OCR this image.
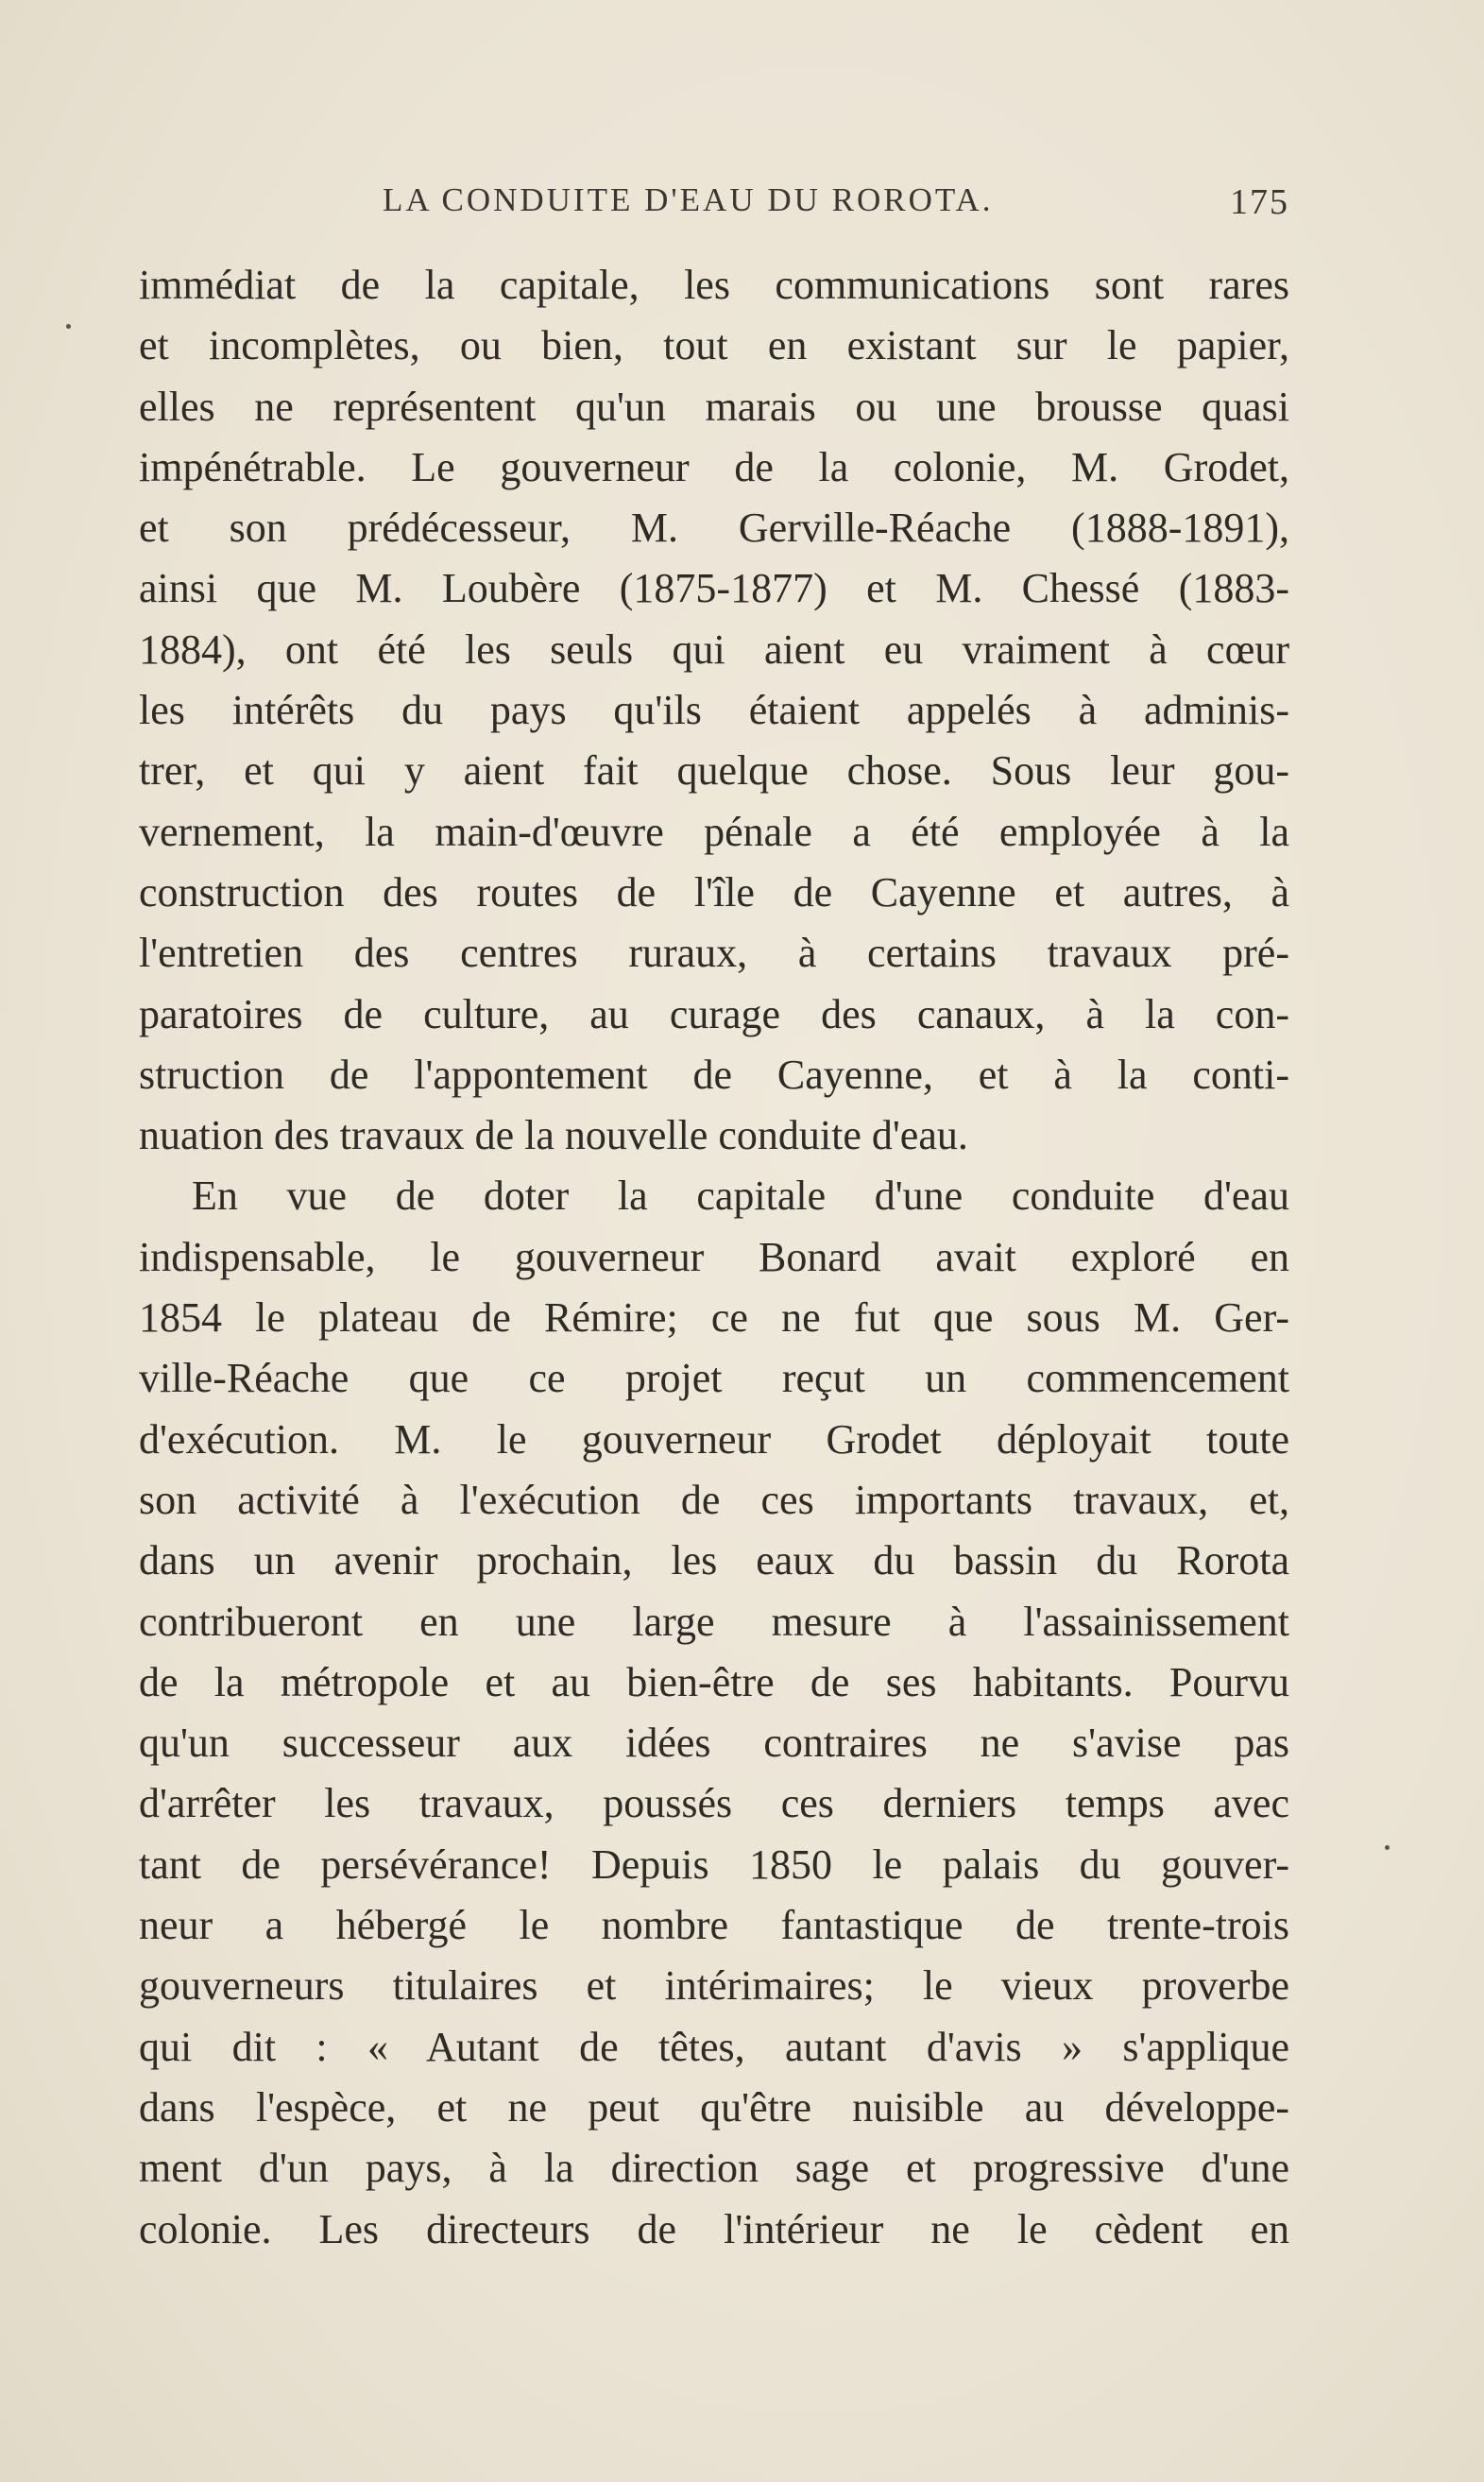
LA CONDUITE D'EAU DU ROROTA.	175
immédiat de la capitale, les communications sont rares
et incomplètes, ou bien, tout en existant sur le papier,
elles ne représentent qu'un marais ou une brousse quasi
impénétrable. Le gouverneur de la colonie, M. Grodet,
et son prédécesseur, M. Gerville-Réache (1888-1891),
ainsi que M. Loubère (1875-1877) et M. Chessé (1883-
1884), ont été les seuls qui aient eu vraiment à cœur
les intérêts du pays qu'ils étaient appelés à adminis-
trer, et qui y aient fait quelque chose. Sous leur gou-
vernement, la main-d'œuvre pénale a été employée à la
construction des routes de l'île de Cayenne et autres, à
l'entretien des centres ruraux, à certains travaux pré-
paratoires de culture, au curage des canaux, à la con-
struction de l'appontement de Cayenne, et à la conti-
nuation des travaux de la nouvelle conduite d'eau.
En vue de doter la capitale d'une conduite d'eau
indispensable, le gouverneur Bonard avait exploré en
1854 le plateau de Rémire; ce ne fut que sous M. Ger-
ville-Réache que ce projet reçut un commencement
d'exécution. M. le gouverneur Grodet déployait toute
son activité à l'exécution de ces importants travaux, et,
dans un avenir prochain, les eaux du bassin du Rorota
contribueront en une large mesure à l'assainissement
de la métropole et au bien-être de ses habitants. Pourvu
qu'un successeur aux idées contraires ne s'avise pas
d'arrêter les travaux, poussés ces derniers temps avec
tant de persévérance! Depuis 1850 le palais du gouver-
neur a hébergé le nombre fantastique de trente-trois
gouverneurs titulaires et intérimaires; le vieux proverbe
qui dit : « Autant de têtes, autant d'avis » s'applique
dans l'espèce, et ne peut qu'être nuisible au développe-
ment d'un pays, à la direction sage et progressive d'une
colonie. Les directeurs de l'intérieur ne le cèdent en
